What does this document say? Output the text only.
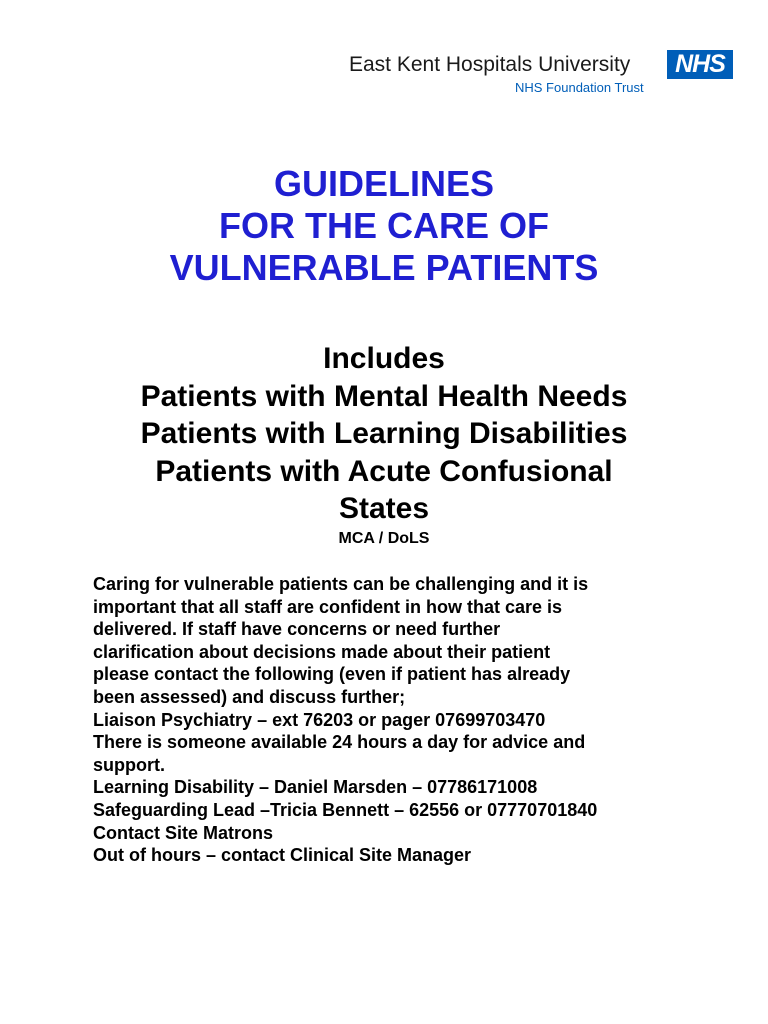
East Kent Hospitals University
NHS Foundation Trust
NHS
GUIDELINES
FOR THE CARE OF
VULNERABLE PATIENTS
Includes
Patients with Mental Health Needs
Patients with Learning Disabilities
Patients with Acute Confusional
States
MCA / DoLS
Caring for vulnerable patients can be challenging and it is
important that all staff are confident in how that care is
delivered. If staff have concerns or need further
clarification about decisions made about their patient
please contact the following (even if patient has already
been assessed) and discuss further;
Liaison Psychiatry – ext 76203 or pager 07699703470
There is someone available 24 hours a day for advice and
support.
Learning Disability – Daniel Marsden – 07786171008
Safeguarding Lead –Tricia Bennett – 62556 or 07770701840
Contact Site Matrons
Out of hours – contact Clinical Site Manager
